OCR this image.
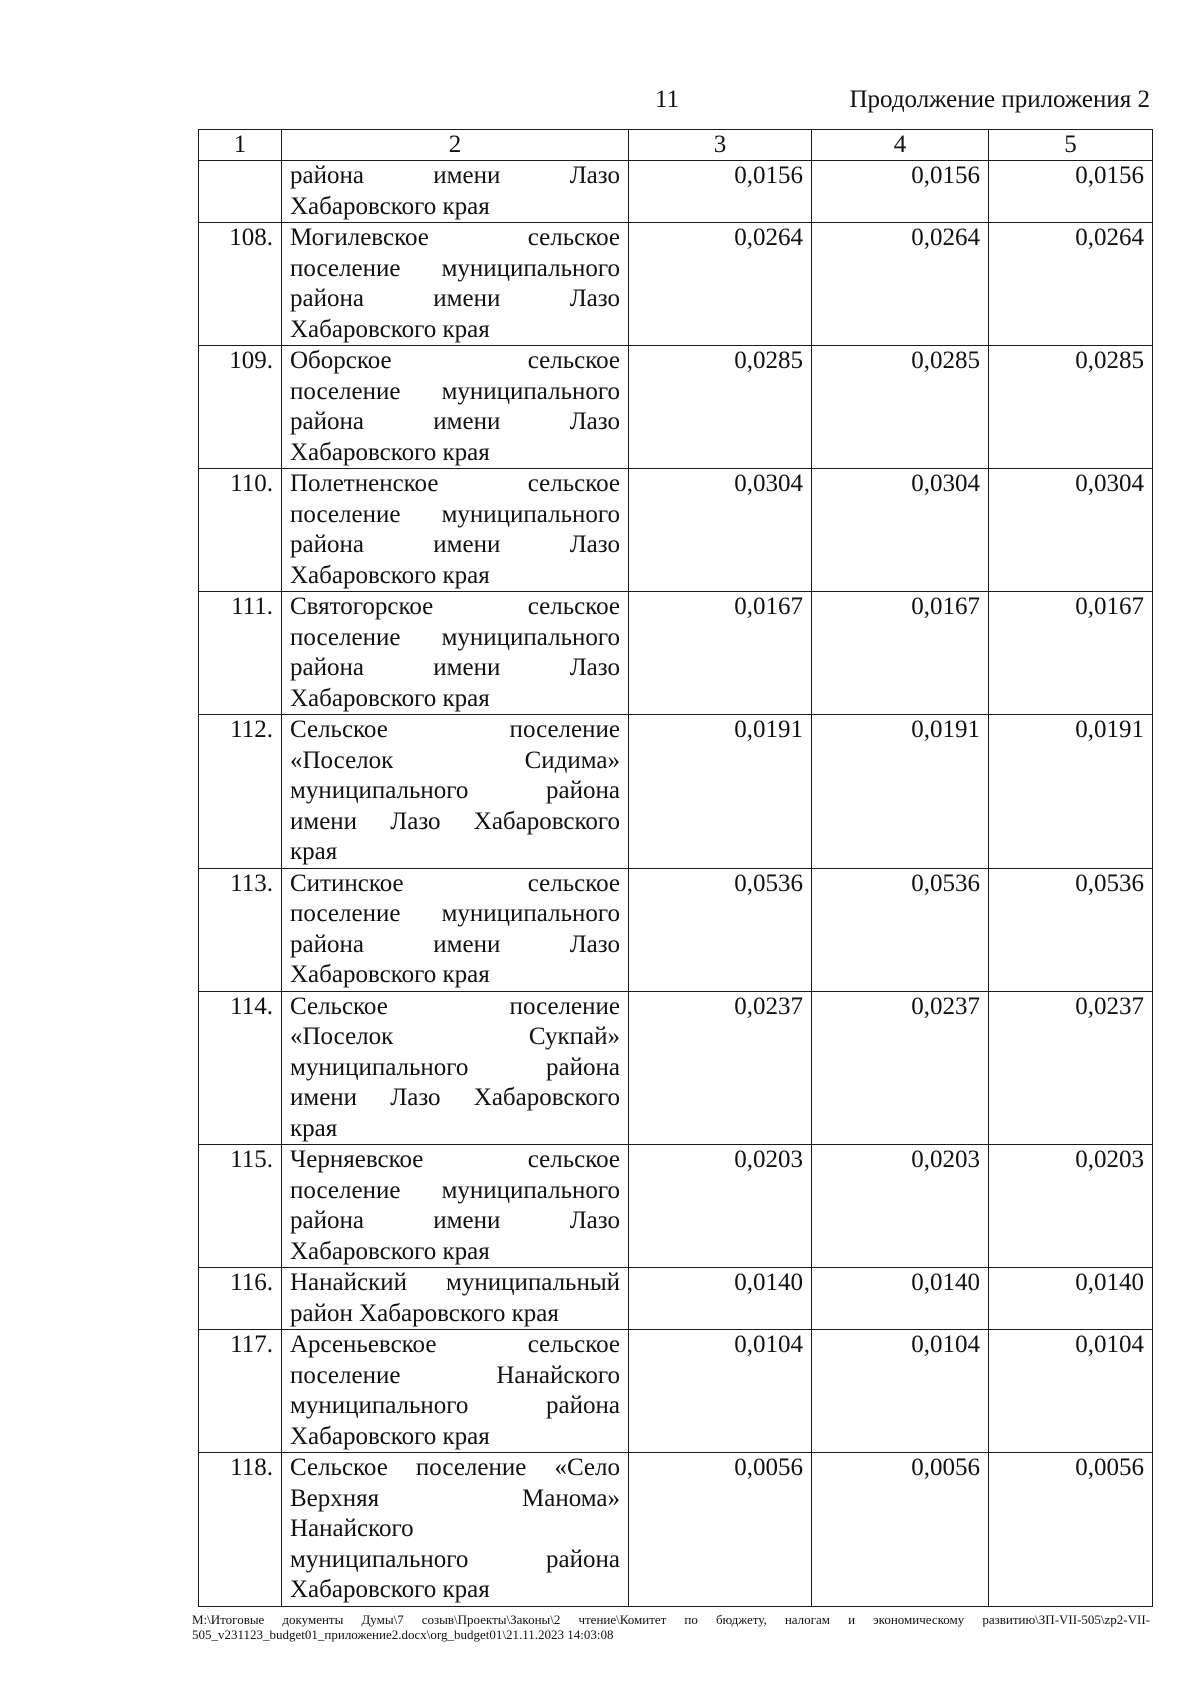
11	Продолжение приложения 2
1	2	3	4	5

	района имени Лазо
Хабаровского края	0,0156	0,0156	0,0156
108.	Могилевское сельское
поселение муниципального
района имени Лазо
Хабаровского края	0,0264	0,0264	0,0264
109.	Оборское сельское
поселение муниципального
района имени Лазо
Хабаровского края	0,0285	0,0285	0,0285
110.	Полетненское сельское
поселение муниципального
района имени Лазо
Хабаровского края	0,0304	0,0304	0,0304
111.	Святогорское сельское
поселение муниципального
района имени Лазо
Хабаровского края	0,0167	0,0167	0,0167
112.	Сельское поселение
«Поселок Сидима»
муниципального района
имени Лазо Хабаровского
края	0,0191	0,0191	0,0191
113.	Ситинское сельское
поселение муниципального
района имени Лазо
Хабаровского края	0,0536	0,0536	0,0536
114.	Сельское поселение
«Поселок Сукпай»
муниципального района
имени Лазо Хабаровского
края	0,0237	0,0237	0,0237
115.	Черняевское сельское
поселение муниципального
района имени Лазо
Хабаровского края	0,0203	0,0203	0,0203
116.	Нанайский муниципальный
район Хабаровского края	0,0140	0,0140	0,0140
117.	Арсеньевское сельское
поселение Нанайского
муниципального района
Хабаровского края	0,0104	0,0104	0,0104
118.	Сельское поселение «Село
Верхняя Манома»
Нанайского
муниципального района
Хабаровского края	0,0056	0,0056	0,0056
M:\Итоговые документы Думы\7 созыв\Проекты\Законы\2 чтение\Комитет по бюджету, налогам и экономическому развитию\ЗП-VII-505\zp2-VII-505_v231123_budget01_приложение2.docx\org_budget01\21.11.2023 14:03:08
